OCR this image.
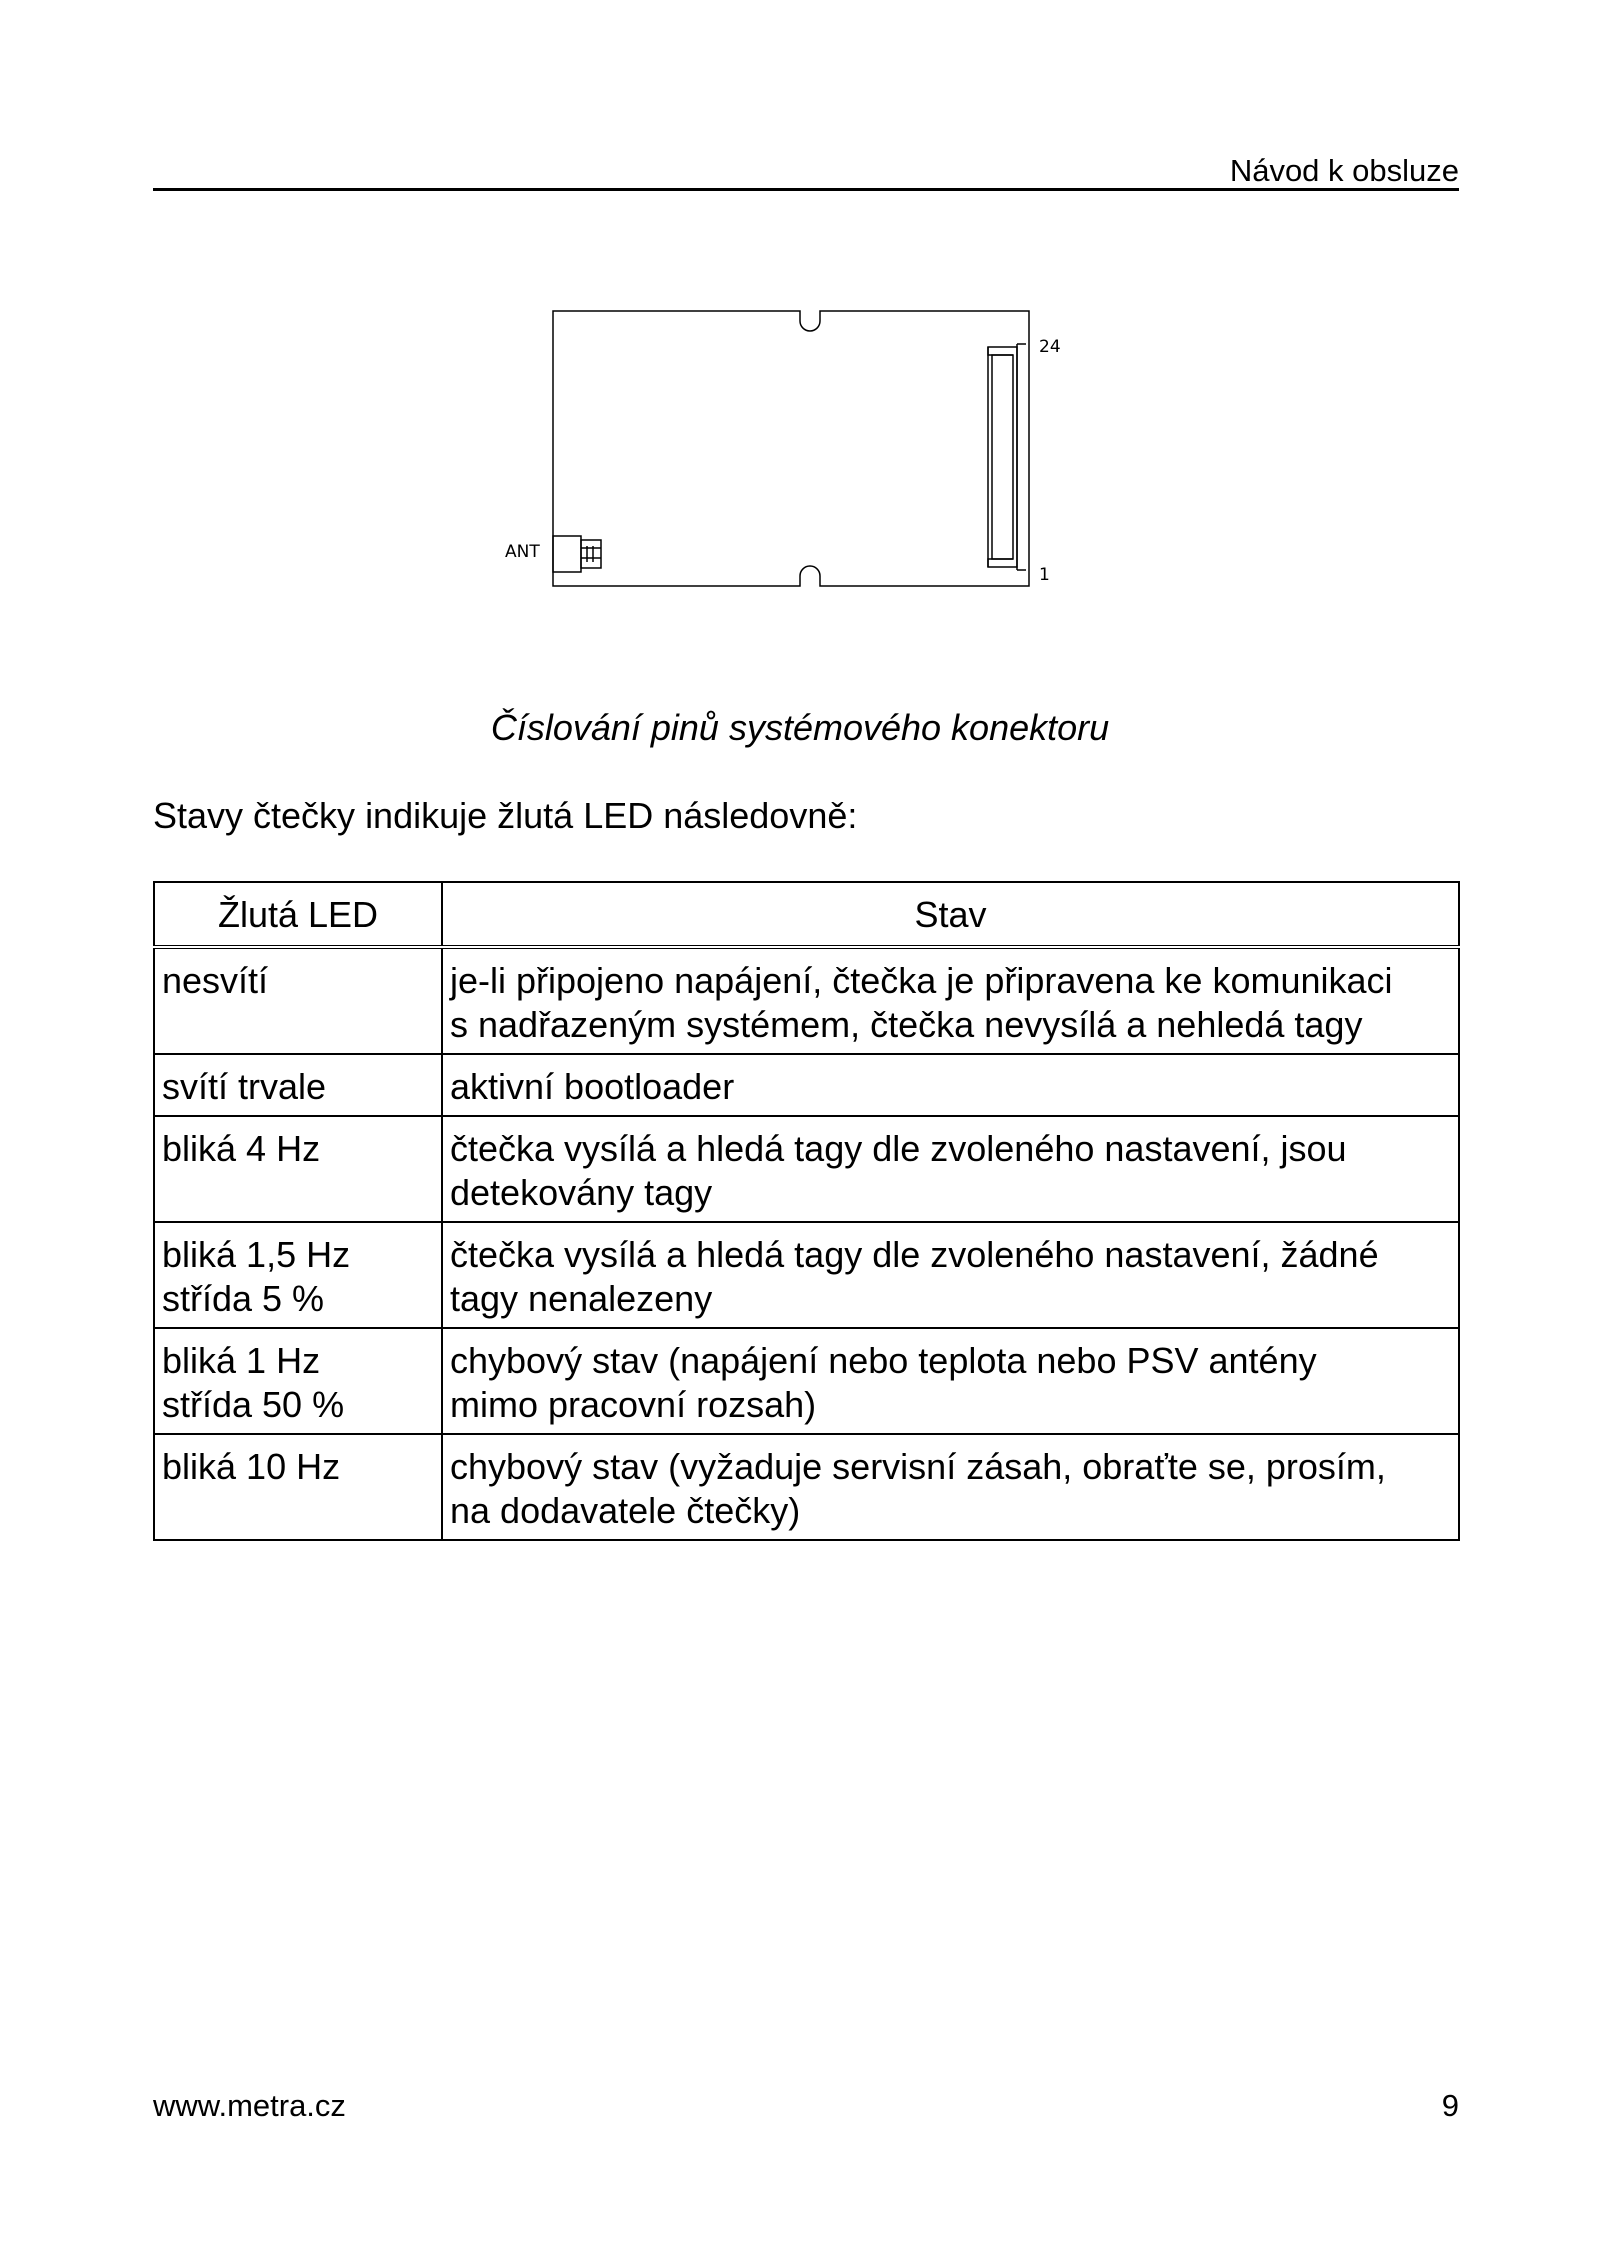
Návod k obsluze
24
1
ANT
Číslování pinů systémového konektoru
Stavy čtečky indikuje žlutá LED následovně:
Žlutá LED	Stav

nesvítí	je-li připojeno napájení, čtečka je připravena ke komunikaci
s nadřazeným systémem, čtečka nevysílá a nehledá tagy

svítí trvale	aktivní bootloader

bliká 4 Hz	čtečka vysílá a hledá tagy dle zvoleného nastavení, jsou
detekovány tagy

bliká 1,5 Hz
střída 5 %	čtečka vysílá a hledá tagy dle zvoleného nastavení, žádné
tagy nenalezeny

bliká 1 Hz
střída 50 %	chybový stav (napájení nebo teplota nebo PSV antény
mimo pracovní rozsah)

bliká 10 Hz	chybový stav (vyžaduje servisní zásah, obraťte se, prosím,
na dodavatele čtečky)
www.metra.cz	9
